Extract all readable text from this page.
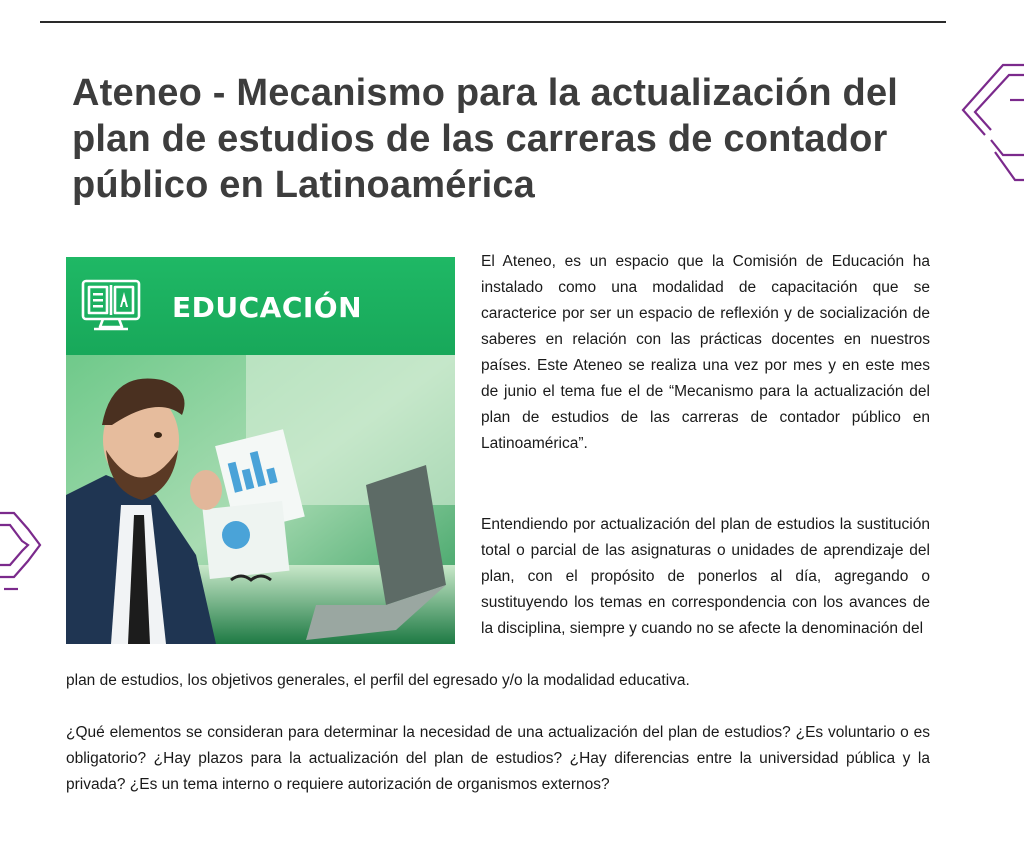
Ateneo - Mecanismo para la actualización del plan de estudios de las carreras de contador público en Latinoamérica
EDUCACIÓN

El Ateneo, es un espacio que la Comisión de Educación ha instalado como una modalidad de capacitación que se caracterice por ser un espacio de reflexión y de socialización de saberes en relación con las prácticas docentes en nuestros países. Este Ateneo se realiza una vez por mes y en este mes de junio el tema fue el de “Mecanismo para la actualización del plan de estudios de las carreras de contador público en Latinoamérica”.

Entendiendo por actualización del plan de estudios la sustitución total o parcial de las asignaturas o unidades de aprendizaje del plan, con el propósito de ponerlos al día, agregando o sustituyendo los temas en correspondencia con los avances de la disciplina, siempre y cuando no se afecte la denominación del

plan de estudios, los objetivos generales, el perfil del egresado y/o la modalidad educativa.

¿Qué elementos se consideran para determinar la necesidad de una actualización del plan de estudios? ¿Es voluntario o es obligatorio? ¿Hay plazos para la actualización del plan de estudios? ¿Hay diferencias entre la universidad pública y la privada? ¿Es un tema interno o requiere autorización de organismos externos?
